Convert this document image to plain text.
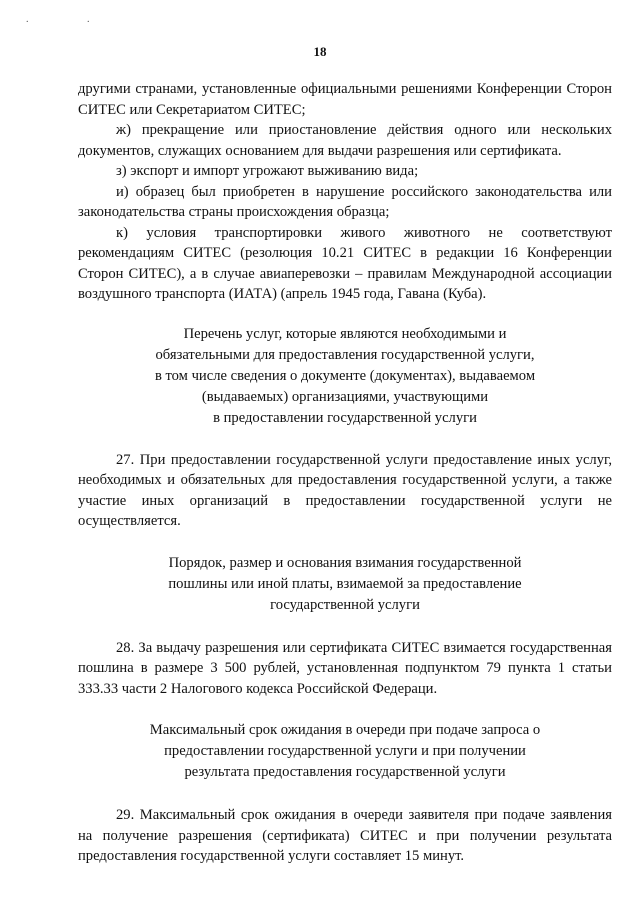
. .
18

другими странами, установленные официальными решениями Конференции Сторон СИТЕС или Секретариатом СИТЕС;

ж) прекращение или приостановление действия одного или нескольких документов, служащих основанием для выдачи разрешения или сертификата.

з) экспорт и импорт угрожают выживанию вида;

и) образец был приобретен в нарушение российского законодательства или законодательства страны происхождения образца;

к) условия транспортировки живого животного не соответствуют рекомендациям СИТЕС (резолюция 10.21 СИТЕС в редакции 16 Конференции Сторон СИТЕС), а в случае авиаперевозки – правилам Международной ассоциации воздушного транспорта (ИАТА) (апрель 1945 года, Гавана (Куба).

Перечень услуг, которые являются необходимыми и
обязательными для предоставления государственной услуги,
в том числе сведения о документе (документах), выдаваемом
(выдаваемых) организациями, участвующими
в предоставлении государственной услуги

27. При предоставлении государственной услуги предоставление иных услуг, необходимых и обязательных для предоставления государственной услуги, а также участие иных организаций в предоставлении государственной услуги не осуществляется.

Порядок, размер и основания взимания государственной
пошлины или иной платы, взимаемой за предоставление
государственной услуги

28. За выдачу разрешения или сертификата СИТЕС взимается государственная пошлина в размере 3 500 рублей, установленная подпунктом 79 пункта 1 статьи 333.33 части 2 Налогового кодекса Российской Федераци.

Максимальный срок ожидания в очереди при подаче запроса о
предоставлении государственной услуги и при получении
результата предоставления государственной услуги

29. Максимальный срок ожидания в очереди заявителя при подаче заявления на получение разрешения (сертификата) СИТЕС и при получении результата предоставления государственной услуги составляет 15 минут.
